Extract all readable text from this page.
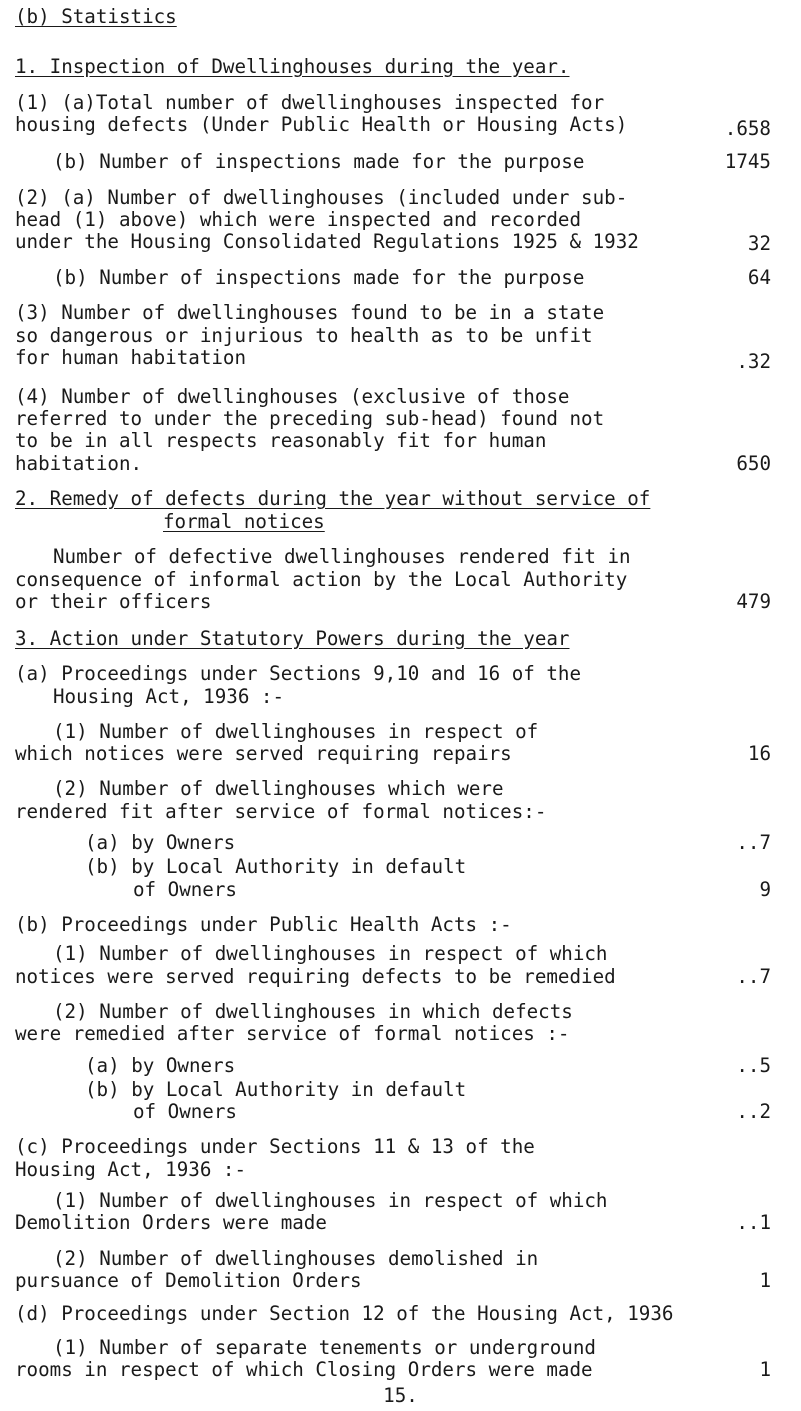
(b) Statistics
1. Inspection of Dwellinghouses during the year.
(1) (a)Total number of dwellinghouses inspected for
housing defects (Under Public Health or Housing Acts)	.658
(b) Number of inspections made for the purpose	1745
(2) (a) Number of dwellinghouses (included under sub-
head (1) above) which were inspected and recorded
under the Housing Consolidated Regulations 1925 & 1932	32
(b) Number of inspections made for the purpose	64
(3) Number of dwellinghouses found to be in a state
so dangerous or injurious to health as to be unfit
for human habitation	.32
(4) Number of dwellinghouses (exclusive of those
referred to under the preceding sub-head) found not
to be in all respects reasonably fit for human
habitation.	650
2. Remedy of defects during the year without service of
formal notices
Number of defective dwellinghouses rendered fit in
consequence of informal action by the Local Authority
or their officers	479
3. Action under Statutory Powers during the year
(a) Proceedings under Sections 9,10 and 16 of the
Housing Act, 1936 :-
(1) Number of dwellinghouses in respect of
which notices were served requiring repairs	16
(2) Number of dwellinghouses which were
rendered fit after service of formal notices:-
(a) by Owners	..7
(b) by Local Authority in default
of Owners	9
(b) Proceedings under Public Health Acts :-
(1) Number of dwellinghouses in respect of which
notices were served requiring defects to be remedied	..7
(2) Number of dwellinghouses in which defects
were remedied after service of formal notices :-
(a) by Owners	..5
(b) by Local Authority in default
of Owners	..2
(c) Proceedings under Sections 11 & 13 of the
Housing Act, 1936 :-
(1) Number of dwellinghouses in respect of which
Demolition Orders were made	..1
(2) Number of dwellinghouses demolished in
pursuance of Demolition Orders	1
(d) Proceedings under Section 12 of the Housing Act, 1936
(1) Number of separate tenements or underground
rooms in respect of which Closing Orders were made	1
15.
